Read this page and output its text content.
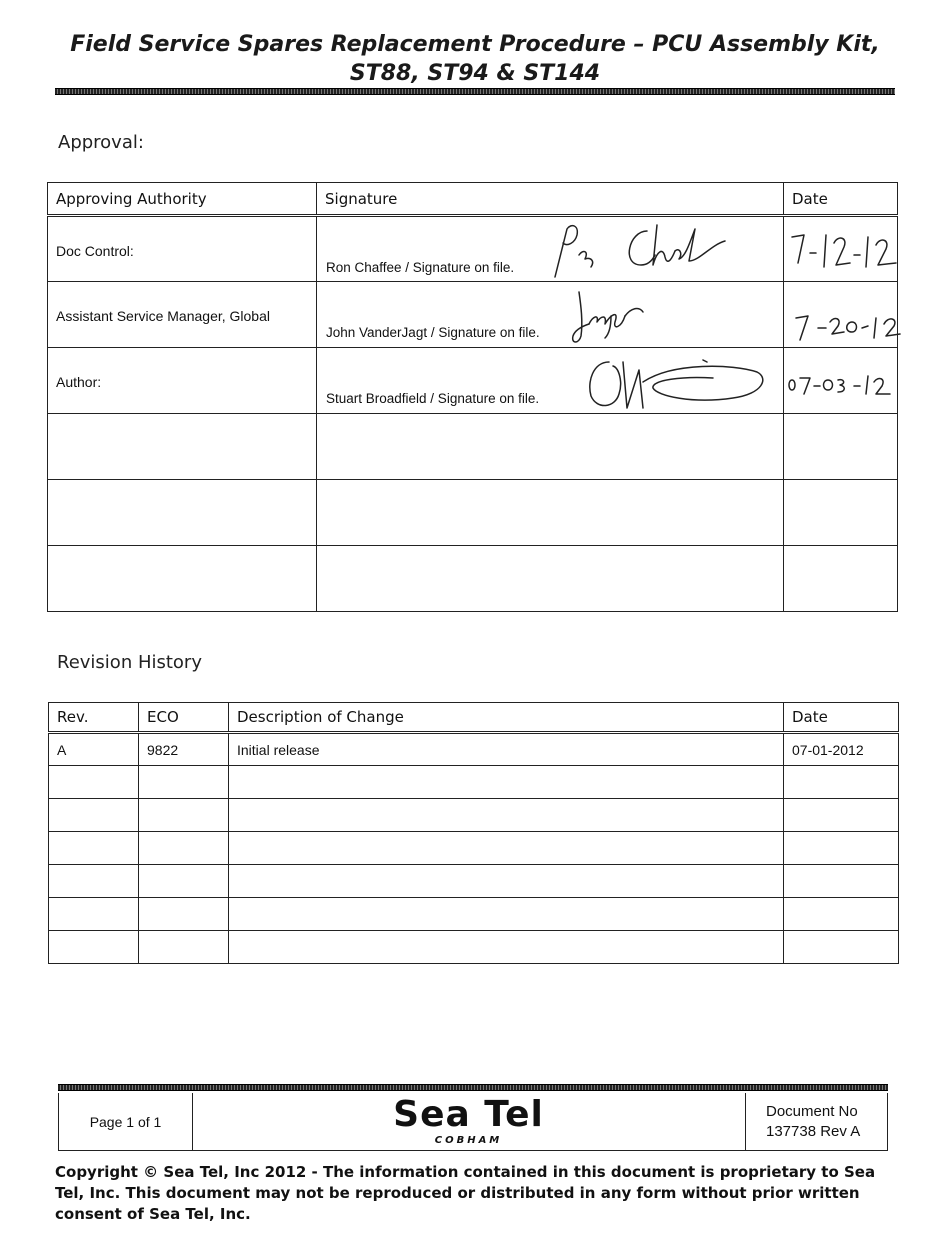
Field Service Spares Replacement Procedure – PCU Assembly Kit, ST88, ST94 & ST144
Approval:
Approving Authority	Signature	Date

Doc Control:	Ron Chaffee / Signature on file.

Assistant Service Manager, Global	John VanderJagt / Signature on file.

Author:	Stuart Broadfield / Signature on file.

Revision History
Rev.	ECO	Description of Change	Date
A	9822	Initial release	07-01-2012

Page 1 of 1	Sea Tel
COBHAM
Document No
137738 Rev A
Copyright © Sea Tel, Inc 2012 - The information contained in this document is proprietary to Sea Tel, Inc. This document may not be reproduced or distributed in any form without prior written consent of Sea Tel, Inc.
